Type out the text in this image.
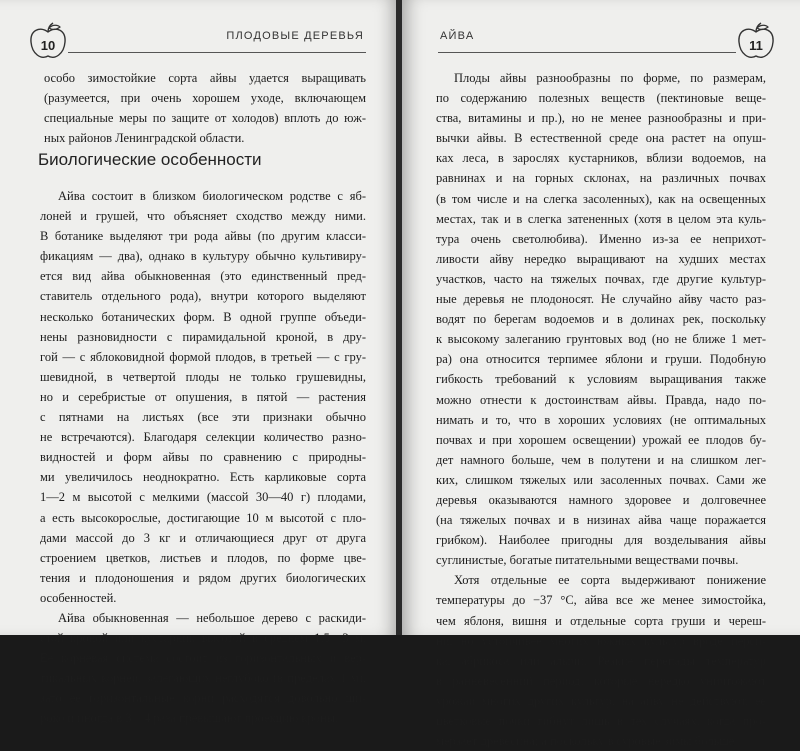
10
ПЛОДОВЫЕ ДЕРЕВЬЯ
особо зимостойкие сорта айвы удается выращивать
(разумеется, при очень хорошем уходе, включающем
специальные меры по защите от холодов) вплоть до юж-
ных районов Ленинградской области.
Биологические особенности
Айва состоит в близком биологическом родстве с яб-
лоней и грушей, что объясняет сходство между ними.
В ботанике выделяют три рода айвы (по другим класси-
фикациям — два), однако в культуру обычно культивиру-
ется вид айва обыкновенная (это единственный пред-
ставитель отдельного рода), внутри которого выделяют
несколько ботанических форм. В одной группе объеди-
нены разновидности с пирамидальной кроной, в дру-
гой — с яблоковидной формой плодов, в третьей — с гру-
шевидной, в четвертой плоды не только грушевидны,
но и серебристые от опушения, в пятой — растения
с пятнами на листьях (все эти признаки обычно
не встречаются). Благодаря селекции количество разно-
видностей и форм айвы по сравнению с природны-
ми увеличилось неоднократно. Есть карликовые сорта
1—2 м высотой с мелкими (массой 30—40 г) плодами,
а есть высокорослые, достигающие 10 м высотой с пло-
дами массой до 3 кг и отличающиеся друг от друга
строением цветков, листьев и плодов, по форме цве-
тения и плодоношения и рядом других биологических
особенностей.
Айва обыкновенная — небольшое дерево с раскиди-
стой кроной или кустарник высотой в среднем 1,5—3 м.
Ее корневая система состоит из горизонтальных и вер-
тикальных корней, залегающих неглубоко (в пределах 1 м),
зато ее горизонтальные корни расходятся довольно ши-
роко и иногда в 3—4 раза превышают проекцию кроны.
АЙВА
11
Плоды айвы разнообразны по форме, по размерам,
по содержанию полезных веществ (пектиновые веще-
ства, витамины и пр.), но не менее разнообразны и при-
вычки айвы. В естественной среде она растет на опуш-
ках леса, в зарослях кустарников, вблизи водоемов, на
равнинах и на горных склонах, на различных почвах
(в том числе и на слегка засоленных), как на освещенных
местах, так и в слегка затененных (хотя в целом эта куль-
тура очень светолюбива). Именно из-за ее неприхот-
ливости айву нередко выращивают на худших местах
участков, часто на тяжелых почвах, где другие культур-
ные деревья не плодоносят. Не случайно айву часто раз-
водят по берегам водоемов и в долинах рек, поскольку
к высокому залеганию грунтовых вод (но не ближе 1 мет-
ра) она относится терпимее яблони и груши. Подобную
гибкость требований к условиям выращивания также
можно отнести к достоинствам айвы. Правда, надо по-
нимать и то, что в хороших условиях (не оптимальных
почвах и при хорошем освещении) урожай ее плодов бу-
дет намного больше, чем в полутени и на слишком лег-
ких, слишком тяжелых или засоленных почвах. Сами же
деревья оказываются намного здоровее и долговечнее
(на тяжелых почвах и в низинах айва чаще поражается
грибком). Наиболее пригодны для возделывания айвы
суглинистые, богатые питательными веществами почвы.
Хотя отдельные ее сорта выдерживают понижение
температуры до −37 °С, айва все же менее зимостойка,
чем яблоня, вишня и отдельные сорта груши и череш-
ни, но устойчивее многих южных культур вроде перси-
ка, абрикоса или алычи. Резкие перепады температур
в ранневесенний период, которые нередко уничтожают
урожаи многих других культур, на айву не действуют, ее
цветковые почки гибнут лишь в тех случаях, когда про-
мерзает древесина; а поскольку в суровые зимы больше
